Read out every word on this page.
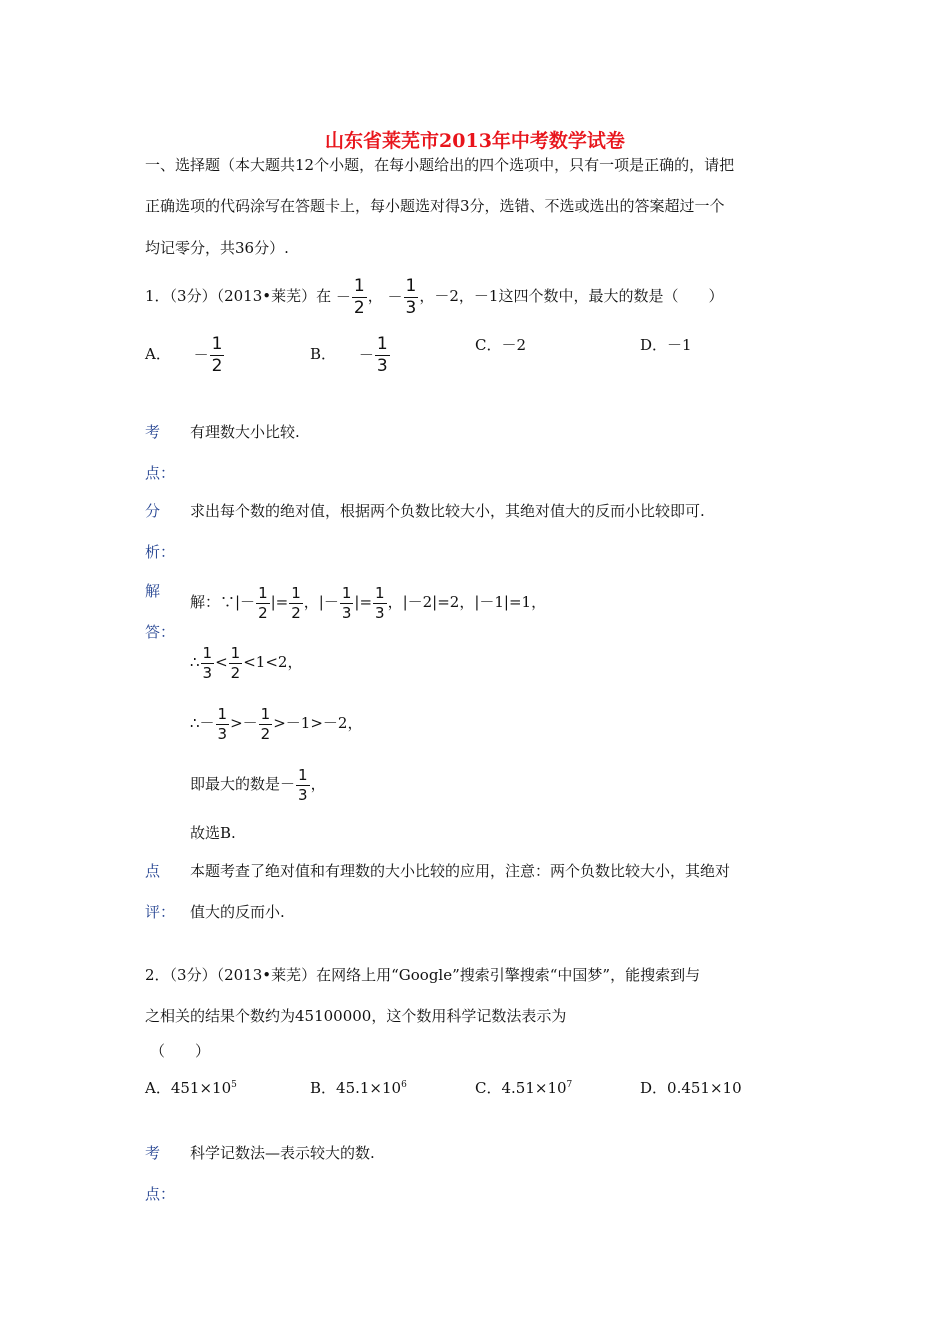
山东省莱芜市2013年中考数学试卷
一、选择题（本大题共12个小题，在每小题给出的四个选项中，只有一项是正确的，请把
正确选项的代码涂写在答题卡上，每小题选对得3分，选错、不选或选出的答案超过一个
均记零分，共36分）.
1．（3分）（2013•莱芜）在 － $\frac{1}{2}$ ， － $\frac{1}{3}$ ，－2，－1这四个数中，最大的数是（　　）
A． － $\frac{1}{2}$	B． － $\frac{1}{3}$	C．－2	D．－1
考
点：
有理数大小比较.
分
析：
求出每个数的绝对值，根据两个负数比较大小，其绝对值大的反而小比较即可.
解
答：
解：∵|－ $\frac{1}{2}$ |= $\frac{1}{2}$ ，|－ $\frac{1}{3}$ |= $\frac{1}{3}$ ，|－2|=2，|－1|=1，
∴ $\frac{1}{3} < \frac{1}{2} <1<2$，
∴－ $\frac{1}{3} >- \frac{1}{2} >-1>-2$，
即最大的数是－ $\frac{1}{3}$ ，
故选B.
点
评：
本题考查了绝对值和有理数的大小比较的应用，注意：两个负数比较大小，其绝对
值大的反而小.
2．（3分）（2013•莱芜）在网络上用“Google”搜索引擎搜索“中国梦”，能搜索到与
之相关的结果个数约为45100000，这个数用科学记数法表示为
（　　）
A．$451\times 10^5$	B．$45.1\times 10^6$	C．$4.51\times 10^7$	D．0.451×10
考
点：
科学记数法—表示较大的数.
